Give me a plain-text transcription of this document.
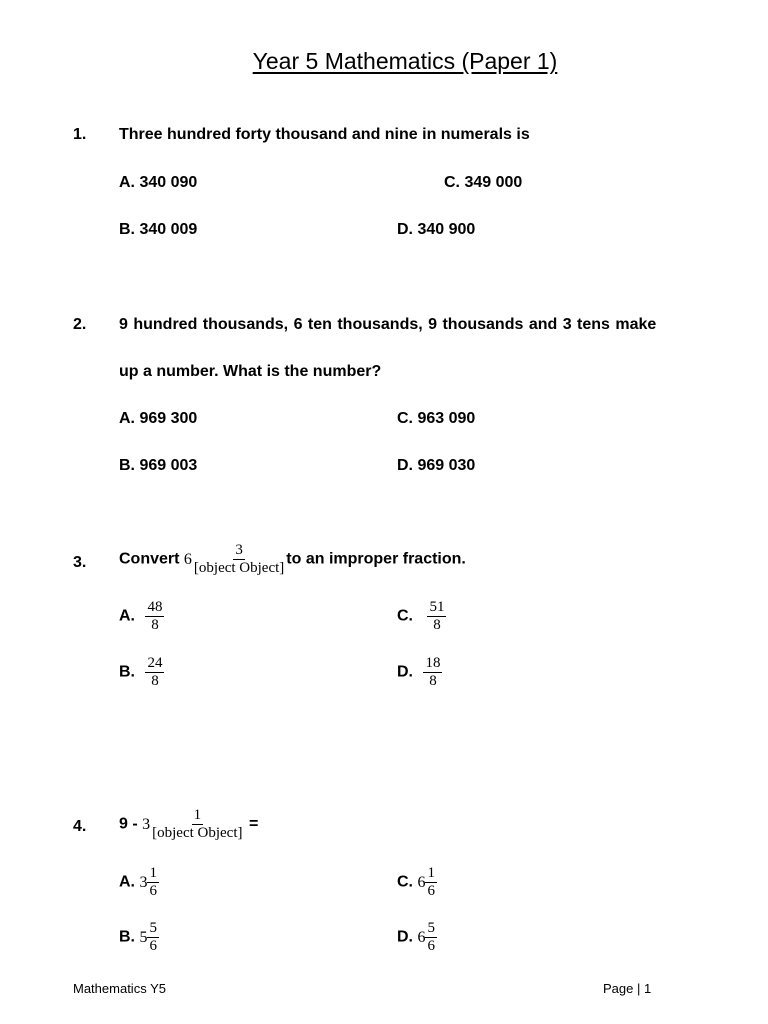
Year 5 Mathematics (Paper 1)
1. Three hundred forty thousand and nine in numerals is
A. 340 090	C. 349 000
B. 340 009	D. 340 900
2. 9 hundred thousands, 6 ten thousands, 9 thousands and 3 tens make
up a number. What is the number?
A. 969 300	C. 963 090
B. 969 003	D. 969 030
3. Convert $6 \frac{3}{\text{[object Object]}}$ to an improper fraction.
A. $\frac{48}{8}$	C. $\frac{51}{8}$
B. $\frac{24}{8}$	D. $\frac{18}{8}$
4. $9 - 3 \frac{1}{\text{[object Object]}}$ =
A. $3 \frac{1}{6}$	C. $6 \frac{1}{6}$
B. $5 \frac{5}{6}$	D. $6 \frac{5}{6}$
Mathematics Y5	Page | 1
